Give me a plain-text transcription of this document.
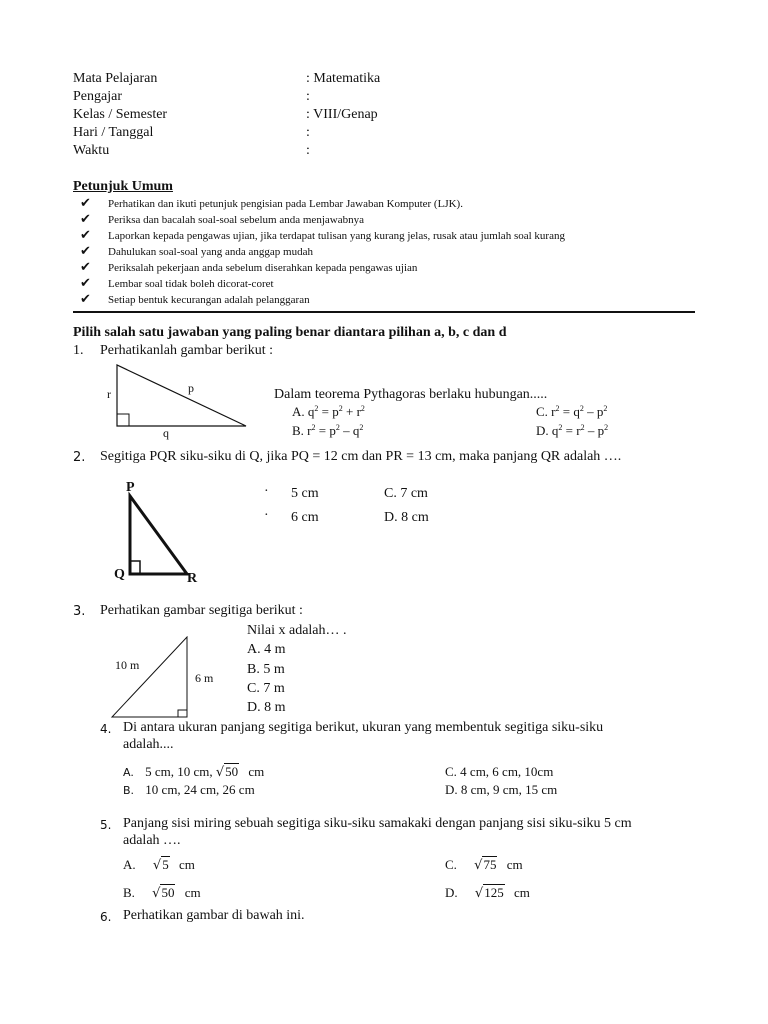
Mata Pelajaran	: Matematika
Pengajar	:
Kelas / Semester	: VIII/Genap
Hari / Tanggal	:
Waktu	:
Petunjuk Umum
✔ Perhatikan dan ikuti petunjuk pengisian pada Lembar Jawaban Komputer (LJK).
✔ Periksa dan bacalah soal-soal sebelum anda menjawabnya
✔ Laporkan kepada pengawas ujian, jika terdapat tulisan yang kurang jelas, rusak atau jumlah soal kurang
✔ Dahulukan soal-soal yang anda anggap mudah
✔ Periksalah pekerjaan anda sebelum diserahkan kepada pengawas ujian
✔ Lembar soal tidak boleh dicorat-coret
✔ Setiap bentuk kecurangan adalah pelanggaran
Pilih salah satu jawaban yang paling benar diantara pilihan a, b, c dan d
1. Perhatikanlah gambar berikut :
r	p
q
Dalam teorema Pythagoras berlaku hubungan.....
A. $q^2 = p^2 + r^2$
B. $r^2 = p^2 - q^2$
C. $r^2 = q^2 - p^2$
D. $q^2 = r^2 - p^2$
2. Segitiga PQR siku-siku di Q, jika PQ = 12 cm dan PR = 13 cm, maka panjang QR adalah ….
P
Q	R
· 5 cm
· 6 cm
C. 7 cm
D. 8 cm
3. Perhatikan gambar segitiga berikut :
10 m
6 m
Nilai x adalah… .
A. 4 m
B. 5 m
C. 7 m
D. 8 m
4. Di antara ukuran panjang segitiga berikut, ukuran yang membentuk segitiga siku-siku
adalah....
A. 5 cm, 10 cm, √50 cm
B. 10 cm, 24 cm, 26 cm
C. 4 cm, 6 cm, 10cm
D. 8 cm, 9 cm, 15 cm
5. Panjang sisi miring sebuah segitiga siku-siku samakaki dengan panjang sisi siku-siku 5 cm
adalah ….
A. √5 cm
B. √50 cm
C. √75 cm
D. √125 cm
6. Perhatikan gambar di bawah ini.
